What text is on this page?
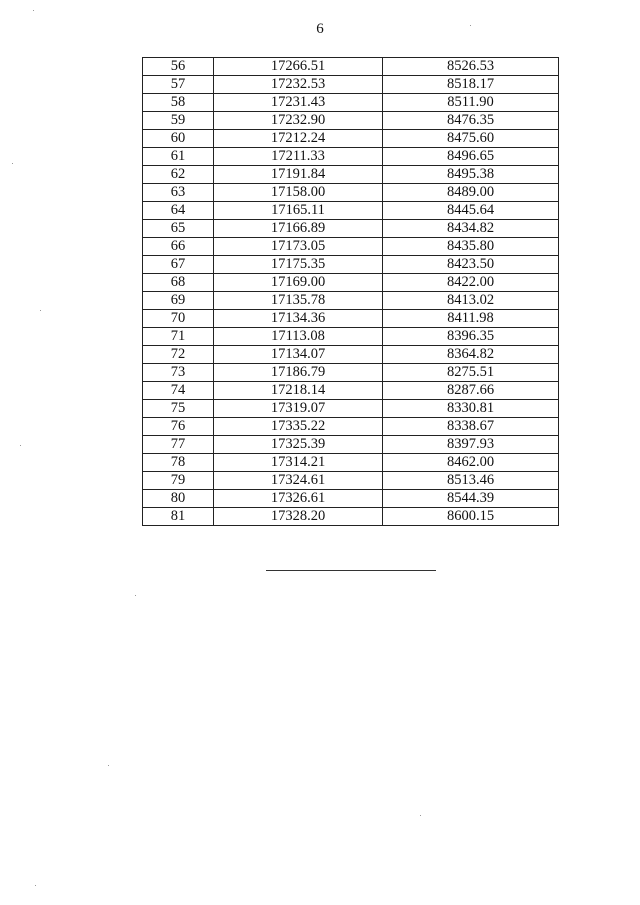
6
56	17266.51	8526.53
57	17232.53	8518.17
58	17231.43	8511.90
59	17232.90	8476.35
60	17212.24	8475.60
61	17211.33	8496.65
62	17191.84	8495.38
63	17158.00	8489.00
64	17165.11	8445.64
65	17166.89	8434.82
66	17173.05	8435.80
67	17175.35	8423.50
68	17169.00	8422.00
69	17135.78	8413.02
70	17134.36	8411.98
71	17113.08	8396.35
72	17134.07	8364.82
73	17186.79	8275.51
74	17218.14	8287.66
75	17319.07	8330.81
76	17335.22	8338.67
77	17325.39	8397.93
78	17314.21	8462.00
79	17324.61	8513.46
80	17326.61	8544.39
81	17328.20	8600.15
